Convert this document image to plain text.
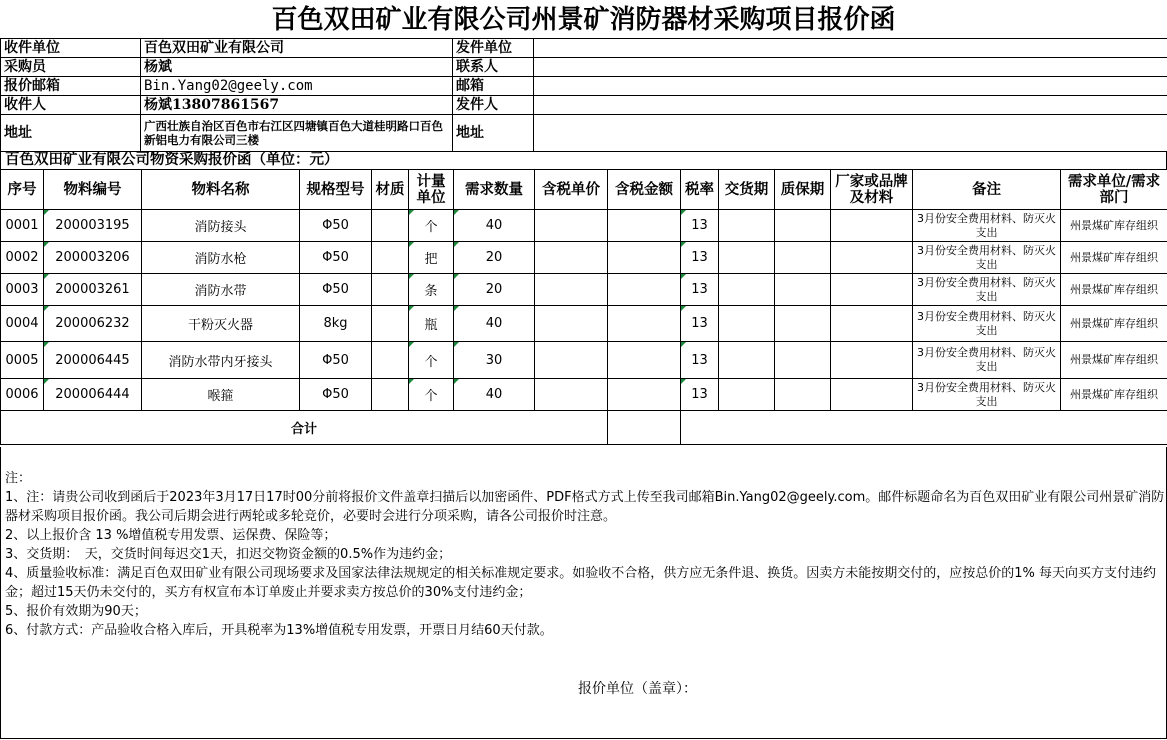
百色双田矿业有限公司州景矿消防器材采购项目报价函
收件单位	百色双田矿业有限公司	发件单位	
采购员	杨斌	联系人	
报价邮箱	Bin.Yang02@geely.com	邮箱	
收件人	杨斌13807861567	发件人	
地址	广西壮族自治区百色市右江区四塘镇百色大道桂明路口百色新铝电力有限公司三楼	地址	
百色双田矿业有限公司物资采购报价函（单位：元）
序号	物料编号	物料名称	规格型号	材质	计量单位	需求数量	含税单价	含税金额	税率	交货期	质保期	厂家或品牌及材料	备注	需求单位/需求部门
0001	200003195	消防接头	Φ50		个	40			13				3月份安全费用材料、防灭火支出	州景煤矿库存组织
0002	200003206	消防水枪	Φ50		把	20			13				3月份安全费用材料、防灭火支出	州景煤矿库存组织
0003	200003261	消防水带	Φ50		条	20			13				3月份安全费用材料、防灭火支出	州景煤矿库存组织
0004	200006232	干粉灭火器	8kg		瓶	40			13				3月份安全费用材料、防灭火支出	州景煤矿库存组织
0005	200006445	消防水带内牙接头	Φ50		个	30			13				3月份安全费用材料、防灭火支出	州景煤矿库存组织
0006	200006444	喉箍	Φ50		个	40			13				3月份安全费用材料、防灭火支出	州景煤矿库存组织
合计														

注：

1、注：请贵公司收到函后于2023年3月17日17时00分前将报价文件盖章扫描后以加密函件、PDF格式方式上传至我司邮箱Bin.Yang02@geely.com。邮件标题命名为百色双田矿业有限公司州景矿消防器材采购项目报价函。我公司后期会进行两轮或多轮竞价，必要时会进行分项采购，请各公司报价时注意。

2、以上报价含 13 %增值税专用发票、运保费、保险等；

3、交货期：　天，交货时间每迟交1天，扣迟交物资金额的0.5%作为违约金；

4、质量验收标准：满足百色双田矿业有限公司现场要求及国家法律法规规定的相关标准规定要求。如验收不合格，供方应无条件退、换货。因卖方未能按期交付的，应按总价的1% 每天向买方支付违约金；超过15天仍未交付的，买方有权宣布本订单废止并要求卖方按总价的30%支付违约金；

5、报价有效期为90天；

6、付款方式：产品验收合格入库后，开具税率为13%增值税专用发票，开票日月结60天付款。

报价单位（盖章）：
